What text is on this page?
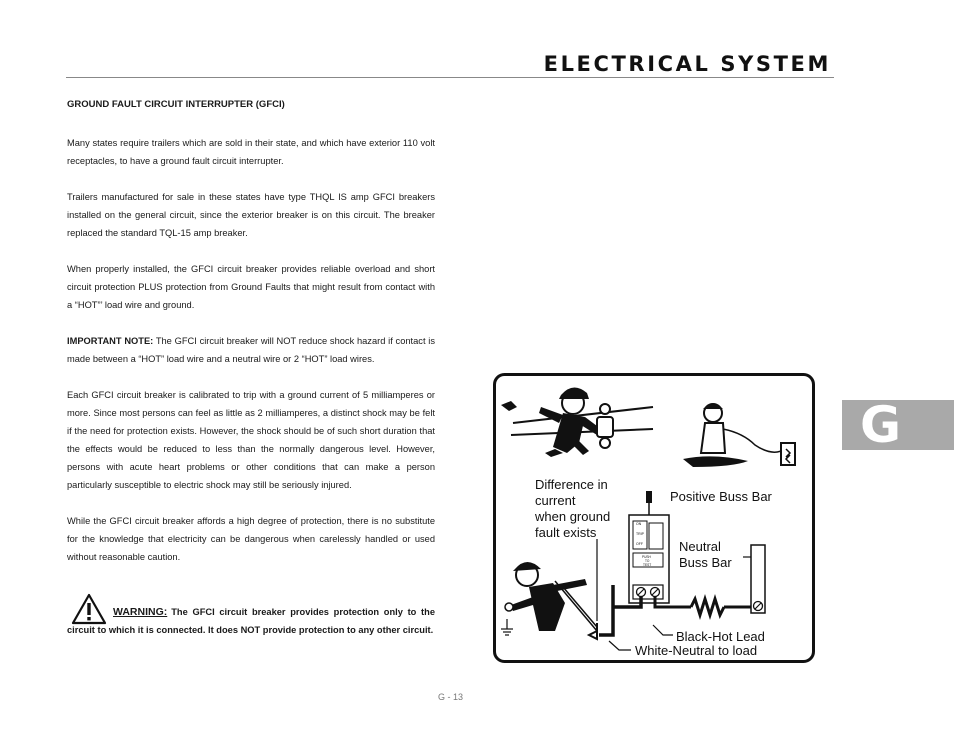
ELECTRICAL SYSTEM
GROUND FAULT CIRCUIT INTERRUPTER (GFCI)

Many states require trailers which are sold in their state, and which have exterior 110 volt receptacles, to have a ground fault circuit interrupter.

Trailers manufactured for sale in these states have type THQL IS amp GFCI breakers installed on the general circuit, since the exterior breaker is on this circuit. The breaker replaced the standard TQL-15 amp breaker.

When properly installed, the GFCI circuit breaker provides reliable overload and short circuit protection PLUS protection from Ground Faults that might result from contact with a “HOT”’ load wire and ground.

IMPORTANT NOTE: The GFCI circuit breaker will NOT reduce shock hazard if contact is made between a “HOT” load wire and a neutral wire or 2 “HOT” load wires.

Each GFCI circuit breaker is calibrated to trip with a ground current of 5 milliamperes or more. Since most persons can feel as little as 2 milliamperes, a distinct shock may be felt if the need for protection exists. However, the shock should be of such short duration that the effects would be reduced to less than the normally dangerous level. However, persons with acute heart problems or other conditions that can make a person particularly susceptible to electric shock may still be seriously injured.

While the GFCI circuit breaker affords a high degree of protection, there is no substitute for the knowledge that electricity can be dangerous when carelessly handled or used without reasonable caution.

WARNING: The GFCI circuit breaker provides protection only to the circuit to which it is connected. It does NOT provide protection to any other circuit.

G
ON
TRIP
OFF
PUSH
TO
TEST
Difference in
current
when ground
fault exists
Positive Buss Bar
Neutral
Buss Bar
Black-Hot Lead
White-Neutral to load
G - 13
